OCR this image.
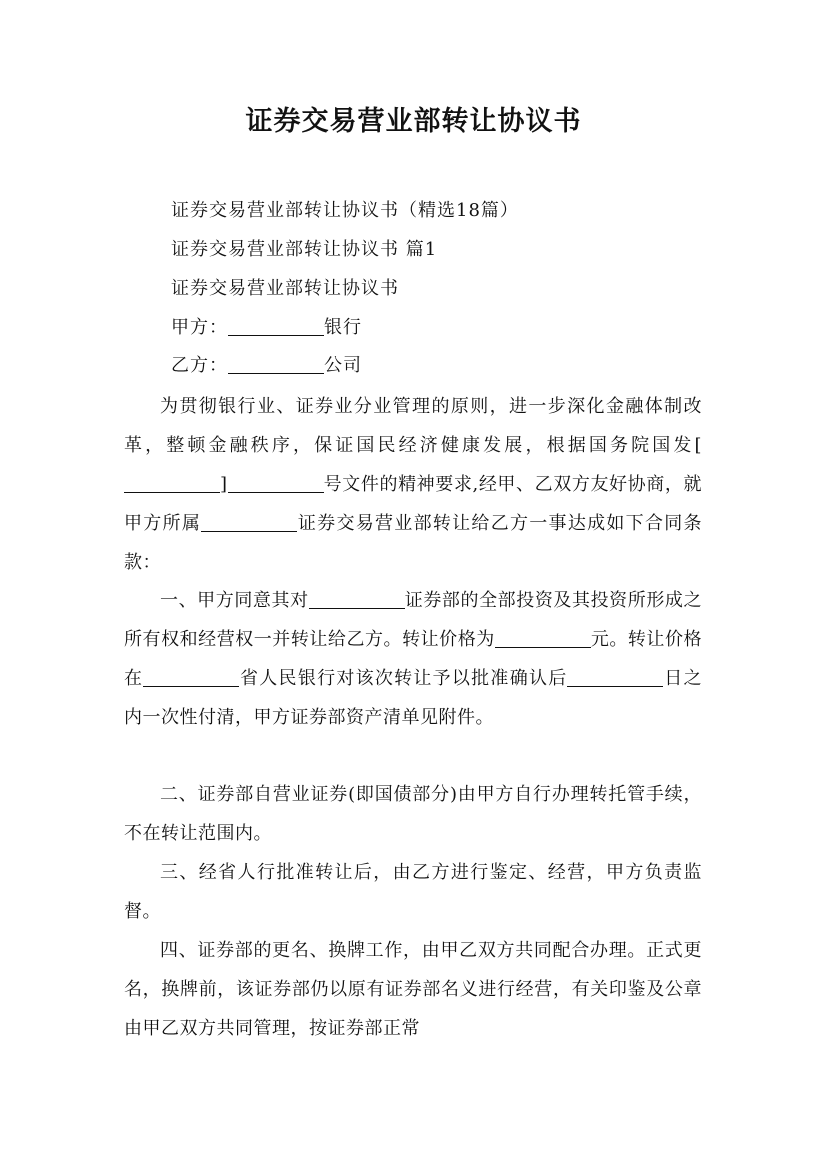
证券交易营业部转让协议书
证券交易营业部转让协议书（精选18篇）
证券交易营业部转让协议书 篇1
证券交易营业部转让协议书
甲方：	银行
乙方：	公司
为贯彻银行业、证券业分业管理的原则，进一步深化金融体制改革，整顿金融秩序，保证国民经济健康发展，根据国务院国发[]	号文件的精神要求,经甲、乙双方友好协商，就甲方所属	证券交易营业部转让给乙方一事达成如下合同条款：
一、甲方同意其对	证券部的全部投资及其投资所形成之所有权和经营权一并转让给乙方。转让价格为	元。转让价格在	省人民银行对该次转让予以批准确认后	日之内一次性付清，甲方证券部资产清单见附件。
二、证券部自营业证券(即国债部分)由甲方自行办理转托管手续，不在转让范围内。
三、经省人行批准转让后，由乙方进行鉴定、经营，甲方负责监督。
四、证券部的更名、换牌工作，由甲乙双方共同配合办理。正式更名，换牌前，该证券部仍以原有证券部名义进行经营，有关印鉴及公章由甲乙双方共同管理，按证券部正常
